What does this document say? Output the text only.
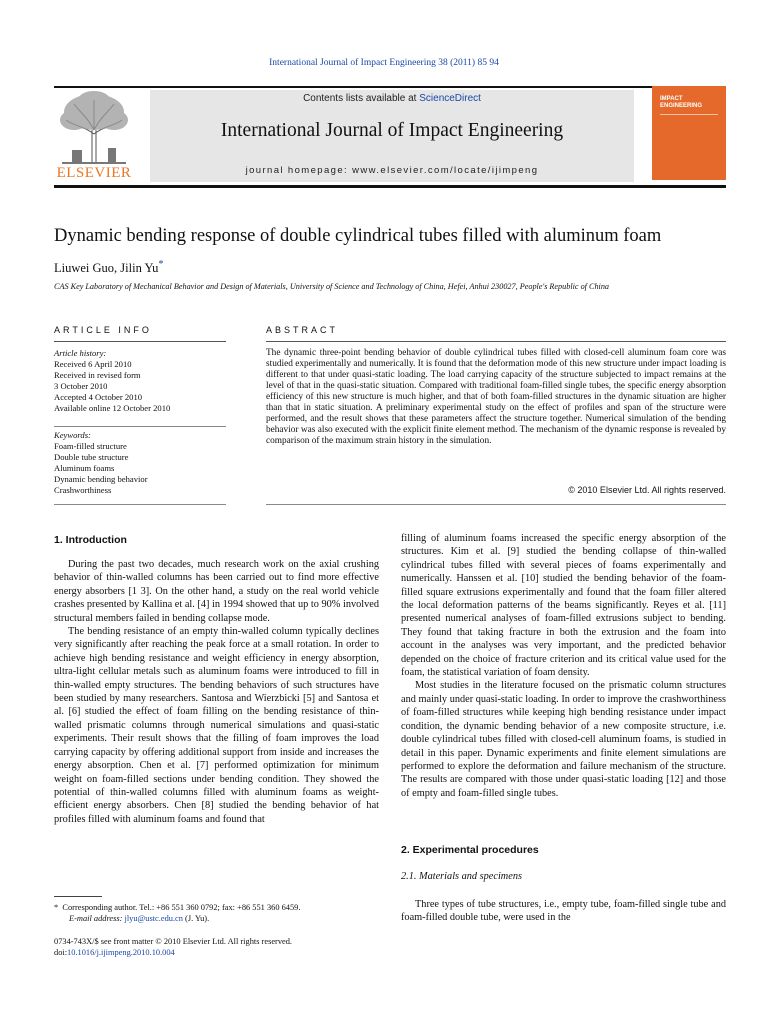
International Journal of Impact Engineering 38 (2011) 85 94
ELSEVIER
Contents lists available at ScienceDirect
International Journal of Impact Engineering
journal homepage: www.elsevier.com/locate/ijimpeng
IMPACT
ENGINEERING
Dynamic bending response of double cylindrical tubes filled with aluminum foam
Liuwei Guo, Jilin Yu*
CAS Key Laboratory of Mechanical Behavior and Design of Materials, University of Science and Technology of China, Hefei, Anhui 230027, People's Republic of China
ARTICLE INFO
Article history:
Received 6 April 2010
Received in revised form
3 October 2010
Accepted 4 October 2010
Available online 12 October 2010
Keywords:
Foam-filled structure
Double tube structure
Aluminum foams
Dynamic bending behavior
Crashworthiness
ABSTRACT
The dynamic three-point bending behavior of double cylindrical tubes filled with closed-cell aluminum foam core was studied experimentally and numerically. It is found that the deformation mode of this new structure under impact loading is different to that under quasi-static loading. The load carrying capacity of the structure subjected to impact remains at the level of that in the quasi-static situation. Compared with traditional foam-filled single tubes, the specific energy absorption efficiency of this new structure is much higher, and that of both foam-filled structures in the dynamic situation are higher than that in static situation. A preliminary experimental study on the effect of profiles and span of the structure were performed, and the result shows that these parameters affect the structure together. Numerical simulation of the bending behavior was also executed with the explicit finite element method. The mechanism of the dynamic response is revealed by comparison of the maximum strain history in the simulation.
© 2010 Elsevier Ltd. All rights reserved.
1. Introduction

During the past two decades, much research work on the axial crushing behavior of thin-walled columns has been carried out to find more effective energy absorbers [1 3]. On the other hand, a study on the real world vehicle crashes presented by Kallina et al. [4] in 1994 showed that up to 90% involved structural members failed in bending collapse mode.

The bending resistance of an empty thin-walled column typically declines very significantly after reaching the peak force at a small rotation. In order to achieve high bending resistance and weight efficiency in energy absorption, ultra-light cellular metals such as aluminum foams were introduced to fill in thin-walled empty structures. The bending behaviors of such structures have been studied by many researchers. Santosa and Wierzbicki [5] and Santosa et al. [6] studied the effect of foam filling on the bending resistance of thin-walled prismatic columns through numerical simulations and quasi-static experiments. Their result shows that the filling of foam improves the load carrying capacity by offering additional support from inside and increases the energy absorption. Chen et al. [7] performed optimization for minimum weight on foam-filled sections under bending condition. They showed the potential of thin-walled columns filled with aluminum foams as weight-efficient energy absorbers. Chen [8] studied the bending behavior of hat profiles filled with aluminum foams and found that

filling of aluminum foams increased the specific energy absorption of the structures. Kim et al. [9] studied the bending collapse of thin-walled cylindrical tubes filled with several pieces of foams experimentally and numerically. Hanssen et al. [10] studied the bending behavior of the foam-filled square extrusions experimentally and found that the foam filler altered the local deformation patterns of the beams significantly. Reyes et al. [11] presented numerical analyses of foam-filled extrusions subject to bending. They found that taking fracture in both the extrusion and the foam into account in the analyses was very important, and the predicted behavior depended on the choice of fracture criterion and its critical value used for the foam, the statistical variation of foam density.

Most studies in the literature focused on the prismatic column structures and mainly under quasi-static loading. In order to improve the crashworthiness of foam-filled structures while keeping high bending resistance under impact condition, the dynamic bending behavior of a new composite structure, i.e. double cylindrical tubes filled with closed-cell aluminum foams, is studied in detail in this paper. Dynamic experiments and finite element simulations are performed to explore the deformation and failure mechanism of the structure. The results are compared with those under quasi-static loading [12] and those of empty and foam-filled single tubes.

2. Experimental procedures
2.1. Materials and specimens

Three types of tube structures, i.e., empty tube, foam-filled single tube and foam-filled double tube, were used in the

* Corresponding author. Tel.: +86 551 360 0792; fax: +86 551 360 6459.
E-mail address: jlyu@ustc.edu.cn (J. Yu).
0734-743X/$ see front matter © 2010 Elsevier Ltd. All rights reserved.
doi:10.1016/j.ijimpeng.2010.10.004
